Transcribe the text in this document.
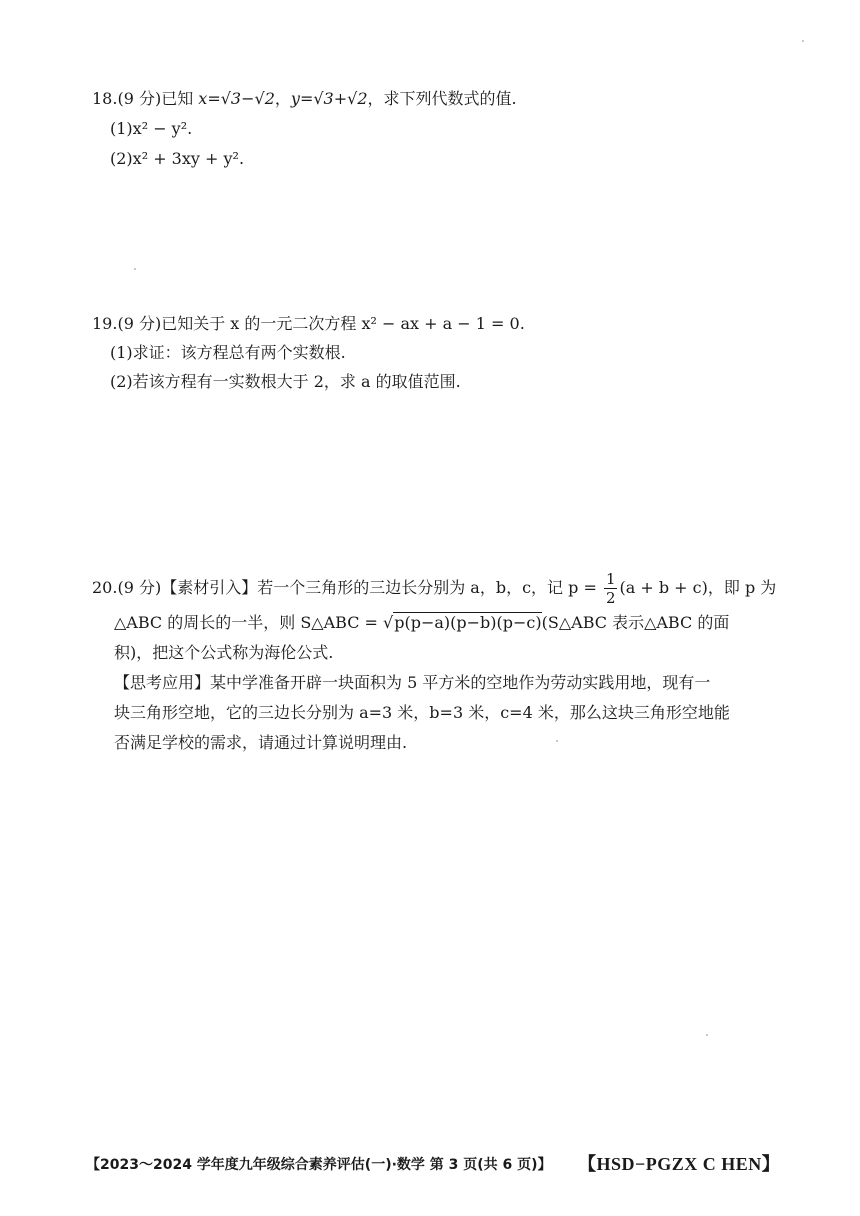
18.(9 分)已知 x=√3−√2，y=√3+√2，求下列代数式的值.
(1)x² − y².
(2)x² + 3xy + y².
19.(9 分)已知关于 x 的一元二次方程 x² − ax + a − 1 = 0.
(1)求证：该方程总有两个实数根.
(2)若该方程有一实数根大于 2，求 a 的取值范围.
20.(9 分)【素材引入】若一个三角形的三边长分别为 a，b，c，记 $p = \frac{1}{2} (a + b + c)$，即 p 为
△ABC 的周长的一半，则 S△ABC = √p(p−a)(p−b)(p−c)(S△ABC 表示△ABC 的面
积)，把这个公式称为海伦公式.
【思考应用】某中学准备开辟一块面积为 5 平方米的空地作为劳动实践用地，现有一
块三角形空地，它的三边长分别为 a=3 米，b=3 米，c=4 米，那么这块三角形空地能
否满足学校的需求，请通过计算说明理由.
【2023～2024 学年度九年级综合素养评估(一)·数学 第 3 页(共 6 页)】 【HSD−PGZX C HEN】
